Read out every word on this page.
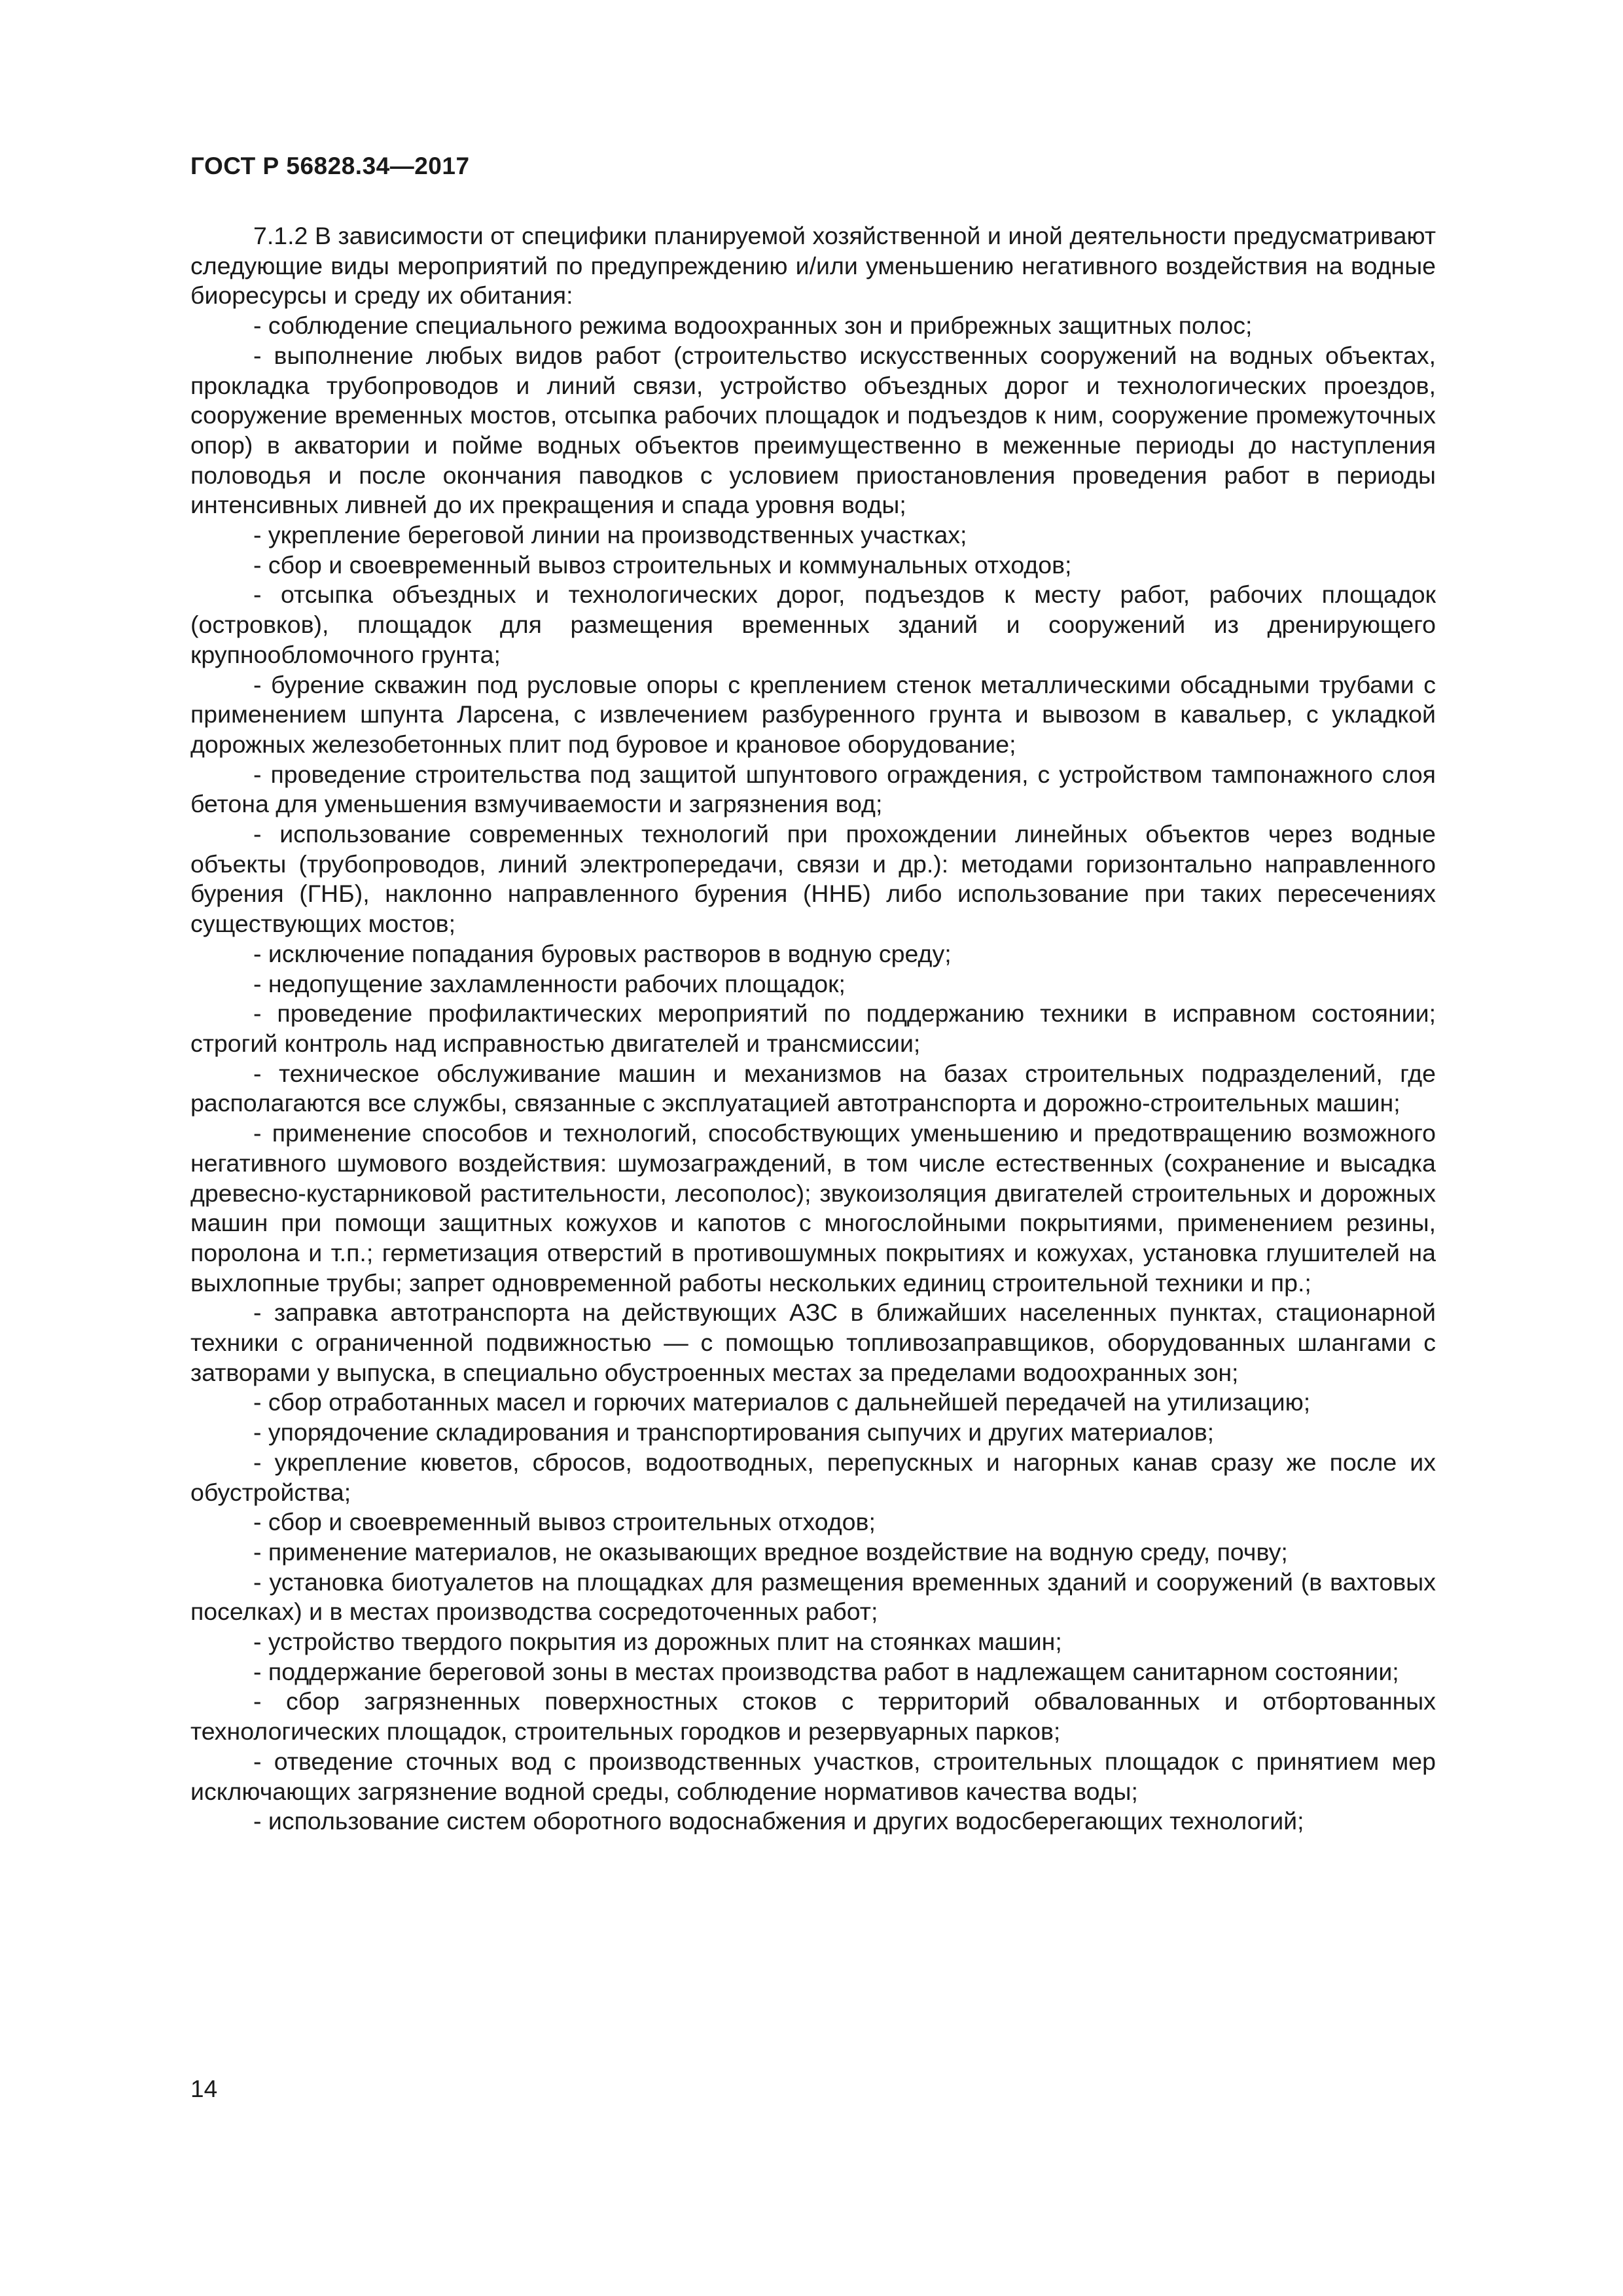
ГОСТ Р 56828.34—2017

7.1.2 В зависимости от специфики планируемой хозяйственной и иной деятельности предусматривают следующие виды мероприятий по предупреждению и/или уменьшению негативного воздействия на водные биоресурсы и среду их обитания:

- соблюдение специального режима водоохранных зон и прибрежных защитных полос;

- выполнение любых видов работ (строительство искусственных сооружений на водных объектах, прокладка трубопроводов и линий связи, устройство объездных дорог и технологических проездов, сооружение временных мостов, отсыпка рабочих площадок и подъездов к ним, сооружение промежуточных опор) в акватории и пойме водных объектов преимущественно в меженные периоды до наступления половодья и после окончания паводков с условием приостановления проведения работ в периоды интенсивных ливней до их прекращения и спада уровня воды;

- укрепление береговой линии на производственных участках;

- сбор и своевременный вывоз строительных и коммунальных отходов;

- отсыпка объездных и технологических дорог, подъездов к месту работ, рабочих площадок (островков), площадок для размещения временных зданий и сооружений из дренирующего крупнообломочного грунта;

- бурение скважин под русловые опоры с креплением стенок металлическими обсадными трубами с применением шпунта Ларсена, с извлечением разбуренного грунта и вывозом в кавальер, с укладкой дорожных железобетонных плит под буровое и крановое оборудование;

- проведение строительства под защитой шпунтового ограждения, с устройством тампонажного слоя бетона для уменьшения взмучиваемости и загрязнения вод;

- использование современных технологий при прохождении линейных объектов через водные объекты (трубопроводов, линий электропередачи, связи и др.): методами горизонтально направленного бурения (ГНБ), наклонно направленного бурения (ННБ) либо использование при таких пересечениях существующих мостов;

- исключение попадания буровых растворов в водную среду;

- недопущение захламленности рабочих площадок;

- проведение профилактических мероприятий по поддержанию техники в исправном состоянии; строгий контроль над исправностью двигателей и трансмиссии;

- техническое обслуживание машин и механизмов на базах строительных подразделений, где располагаются все службы, связанные с эксплуатацией автотранспорта и дорожно-строительных машин;

- применение способов и технологий, способствующих уменьшению и предотвращению возможного негативного шумового воздействия: шумозаграждений, в том числе естественных (сохранение и высадка древесно-кустарниковой растительности, лесополос); звукоизоляция двигателей строительных и дорожных машин при помощи защитных кожухов и капотов с многослойными покрытиями, применением резины, поролона и т.п.; герметизация отверстий в противошумных покрытиях и кожухах, установка глушителей на выхлопные трубы; запрет одновременной работы нескольких единиц строительной техники и пр.;

- заправка автотранспорта на действующих АЗС в ближайших населенных пунктах, стационарной техники с ограниченной подвижностью — с помощью топливозаправщиков, оборудованных шлангами с затворами у выпуска, в специально обустроенных местах за пределами водоохранных зон;

- сбор отработанных масел и горючих материалов с дальнейшей передачей на утилизацию;

- упорядочение складирования и транспортирования сыпучих и других материалов;

- укрепление кюветов, сбросов, водоотводных, перепускных и нагорных канав сразу же после их обустройства;

- сбор и своевременный вывоз строительных отходов;

- применение материалов, не оказывающих вредное воздействие на водную среду, почву;

- установка биотуалетов на площадках для размещения временных зданий и сооружений (в вахтовых поселках) и в местах производства сосредоточенных работ;

- устройство твердого покрытия из дорожных плит на стоянках машин;

- поддержание береговой зоны в местах производства работ в надлежащем санитарном состоянии;

- сбор загрязненных поверхностных стоков с территорий обвалованных и отбортованных технологических площадок, строительных городков и резервуарных парков;

- отведение сточных вод с производственных участков, строительных площадок с принятием мер исключающих загрязнение водной среды, соблюдение нормативов качества воды;

- использование систем оборотного водоснабжения и других водосберегающих технологий;

14
